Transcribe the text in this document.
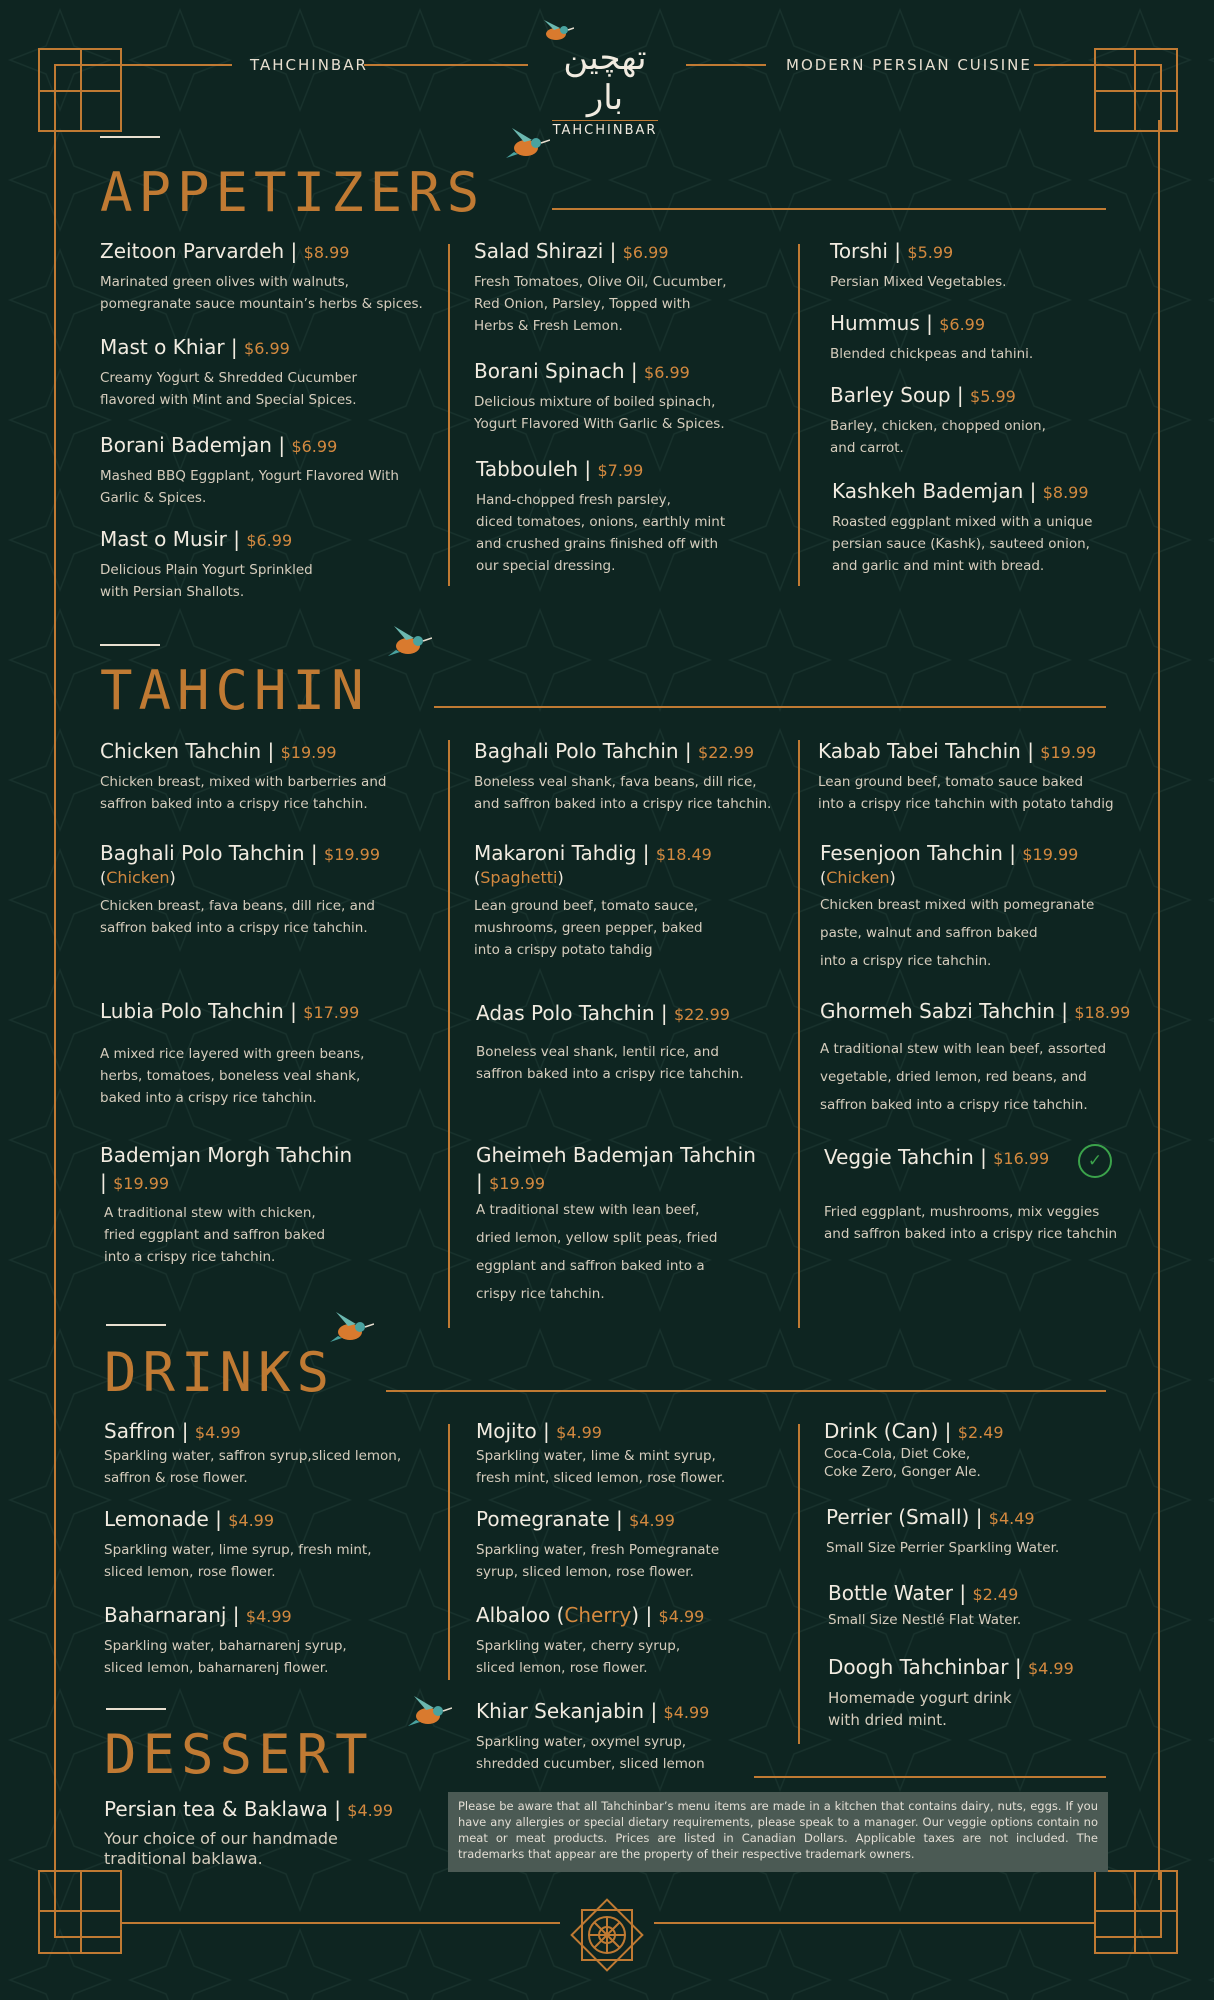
TAHCHINBAR	MODERN PERSIAN CUISINE
تهچین بار
TAHCHINBAR
APPETIZERS
Zeitoon Parvardeh | $8.99
Marinated green olives with walnuts,
pomegranate sauce mountain’s herbs & spices.
Mast o Khiar | $6.99
Creamy Yogurt & Shredded Cucumber
flavored with Mint and Special Spices.
Borani Bademjan | $6.99
Mashed BBQ Eggplant, Yogurt Flavored With
Garlic & Spices.
Mast o Musir | $6.99
Delicious Plain Yogurt Sprinkled
with Persian Shallots.
Salad Shirazi | $6.99
Fresh Tomatoes, Olive Oil, Cucumber,
Red Onion, Parsley, Topped with
Herbs & Fresh Lemon.
Borani Spinach | $6.99
Delicious mixture of boiled spinach,
Yogurt Flavored With Garlic & Spices.
Tabbouleh | $7.99
Hand-chopped fresh parsley,
diced tomatoes, onions, earthly mint
and crushed grains finished off with
our special dressing.
Torshi | $5.99
Persian Mixed Vegetables.
Hummus | $6.99
Blended chickpeas and tahini.
Barley Soup | $5.99
Barley, chicken, chopped onion,
and carrot.
Kashkeh Bademjan | $8.99
Roasted eggplant mixed with a unique
persian sauce (Kashk), sauteed onion,
and garlic and mint with bread.
TAHCHIN
Chicken Tahchin | $19.99
Chicken breast, mixed with barberries and
saffron baked into a crispy rice tahchin.
Baghali Polo Tahchin | $19.99
(Chicken)
Chicken breast, fava beans, dill rice, and
saffron baked into a crispy rice tahchin.
Lubia Polo Tahchin | $17.99
A mixed rice layered with green beans,
herbs, tomatoes, boneless veal shank,
baked into a crispy rice tahchin.
Bademjan Morgh Tahchin
| $19.99
A traditional stew with chicken,
fried eggplant and saffron baked
into a crispy rice tahchin.
Baghali Polo Tahchin | $22.99
Boneless veal shank, fava beans, dill rice,
and saffron baked into a crispy rice tahchin.
Makaroni Tahdig | $18.49
(Spaghetti)
Lean ground beef, tomato sauce,
mushrooms, green pepper, baked
into a crispy potato tahdig
Adas Polo Tahchin | $22.99
Boneless veal shank, lentil rice, and
saffron baked into a crispy rice tahchin.
Gheimeh Bademjan Tahchin
| $19.99
A traditional stew with lean beef,
dried lemon, yellow split peas, fried
eggplant and saffron baked into a
crispy rice tahchin.
Kabab Tabei Tahchin | $19.99
Lean ground beef, tomato sauce baked
into a crispy rice tahchin with potato tahdig
Fesenjoon Tahchin | $19.99
(Chicken)
Chicken breast mixed with pomegranate
paste, walnut and saffron baked
into a crispy rice tahchin.
Ghormeh Sabzi Tahchin | $18.99
A traditional stew with lean beef, assorted
vegetable, dried lemon, red beans, and
saffron baked into a crispy rice tahchin.
Veggie Tahchin | $16.99
Fried eggplant, mushrooms, mix veggies
and saffron baked into a crispy rice tahchin
✓
DRINKS
Saffron | $4.99
Sparkling water, saffron syrup,sliced lemon,
saffron & rose flower.
Lemonade | $4.99
Sparkling water, lime syrup, fresh mint,
sliced lemon, rose flower.
Baharnaranj | $4.99
Sparkling water, baharnarenj syrup,
sliced lemon, baharnarenj flower.
Mojito | $4.99
Sparkling water, lime & mint syrup,
fresh mint, sliced lemon, rose flower.
Pomegranate | $4.99
Sparkling water, fresh Pomegranate
syrup, sliced lemon, rose flower.
Albaloo (Cherry) | $4.99
Sparkling water, cherry syrup,
sliced lemon, rose flower.
Khiar Sekanjabin | $4.99
Sparkling water, oxymel syrup,
shredded cucumber, sliced lemon
Drink (Can) | $2.49
Coca-Cola, Diet Coke,
Coke Zero, Gonger Ale.
Perrier (Small) | $4.49
Small Size Perrier Sparkling Water.
Bottle Water | $2.49
Small Size Nestlé Flat Water.
Doogh Tahchinbar | $4.99
Homemade yogurt drink
with dried mint.
DESSERT
Persian tea & Baklawa | $4.99
Your choice of our handmade
traditional baklawa.
Please be aware that all Tahchinbar’s menu items are made in a kitchen that contains dairy, nuts, eggs. If you have any allergies or special dietary requirements, please speak to a manager. Our veggie options contain no meat or meat products. Prices are listed in Canadian Dollars. Applicable taxes are not included. The trademarks that appear are the property of their respective trademark owners.
